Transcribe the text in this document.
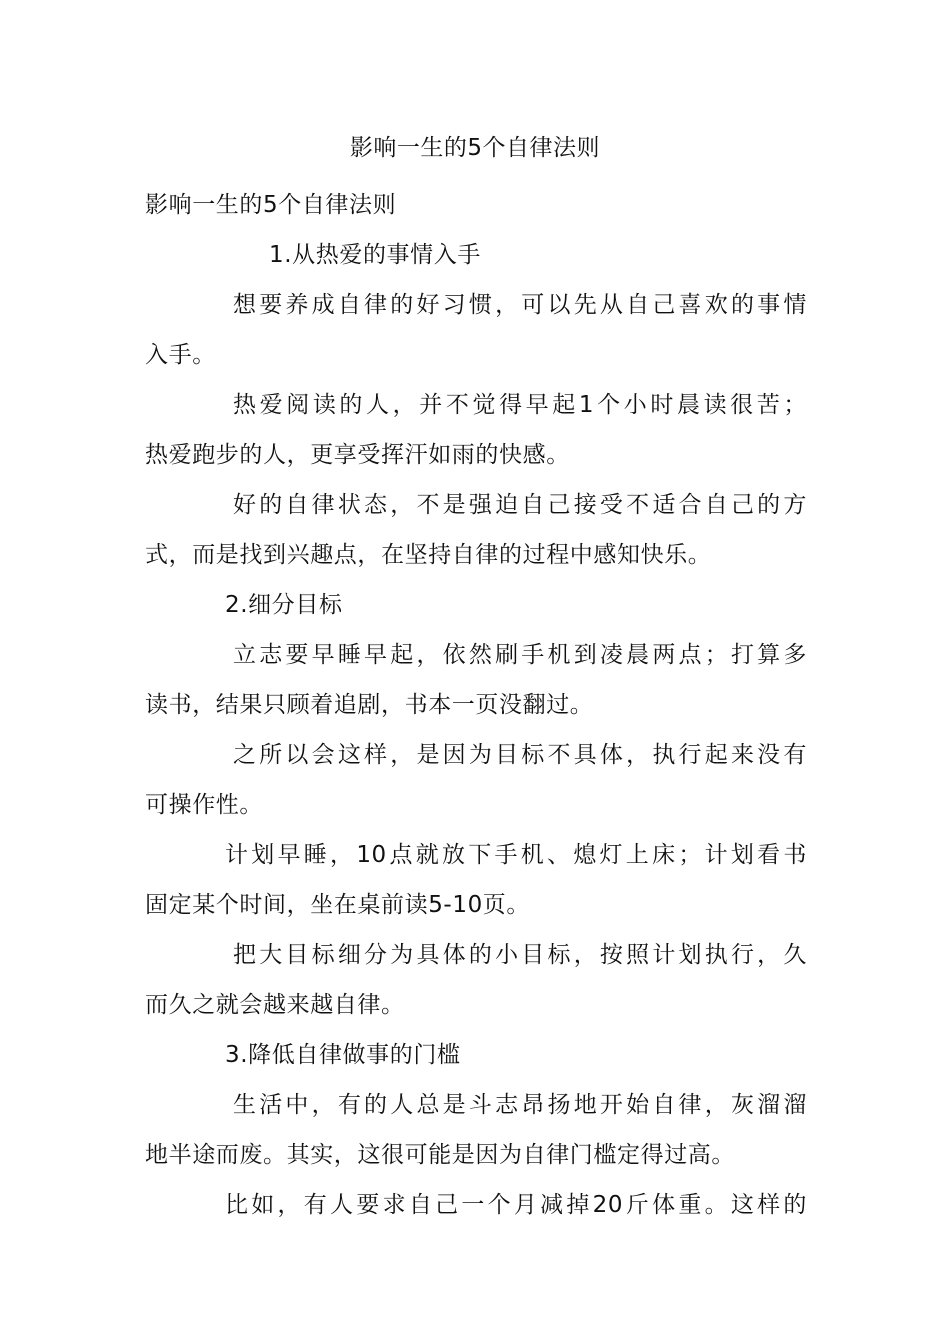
影响一生的5个自律法则
影响一生的5个自律法则
1.从热爱的事情入手
想要养成自律的好习惯，可以先从自己喜欢的事情
入手。
热爱阅读的人，并不觉得早起1个小时晨读很苦；
热爱跑步的人，更享受挥汗如雨的快感。
好的自律状态，不是强迫自己接受不适合自己的方
式，而是找到兴趣点，在坚持自律的过程中感知快乐。
2.细分目标
立志要早睡早起，依然刷手机到凌晨两点；打算多
读书，结果只顾着追剧，书本一页没翻过。
之所以会这样，是因为目标不具体，执行起来没有
可操作性。
计划早睡，10点就放下手机、熄灯上床；计划看书
固定某个时间，坐在桌前读5-10页。
把大目标细分为具体的小目标，按照计划执行，久
而久之就会越来越自律。
3.降低自律做事的门槛
生活中，有的人总是斗志昂扬地开始自律，灰溜溜
地半途而废。其实，这很可能是因为自律门槛定得过高。
比如，有人要求自己一个月减掉20斤体重。这样的
